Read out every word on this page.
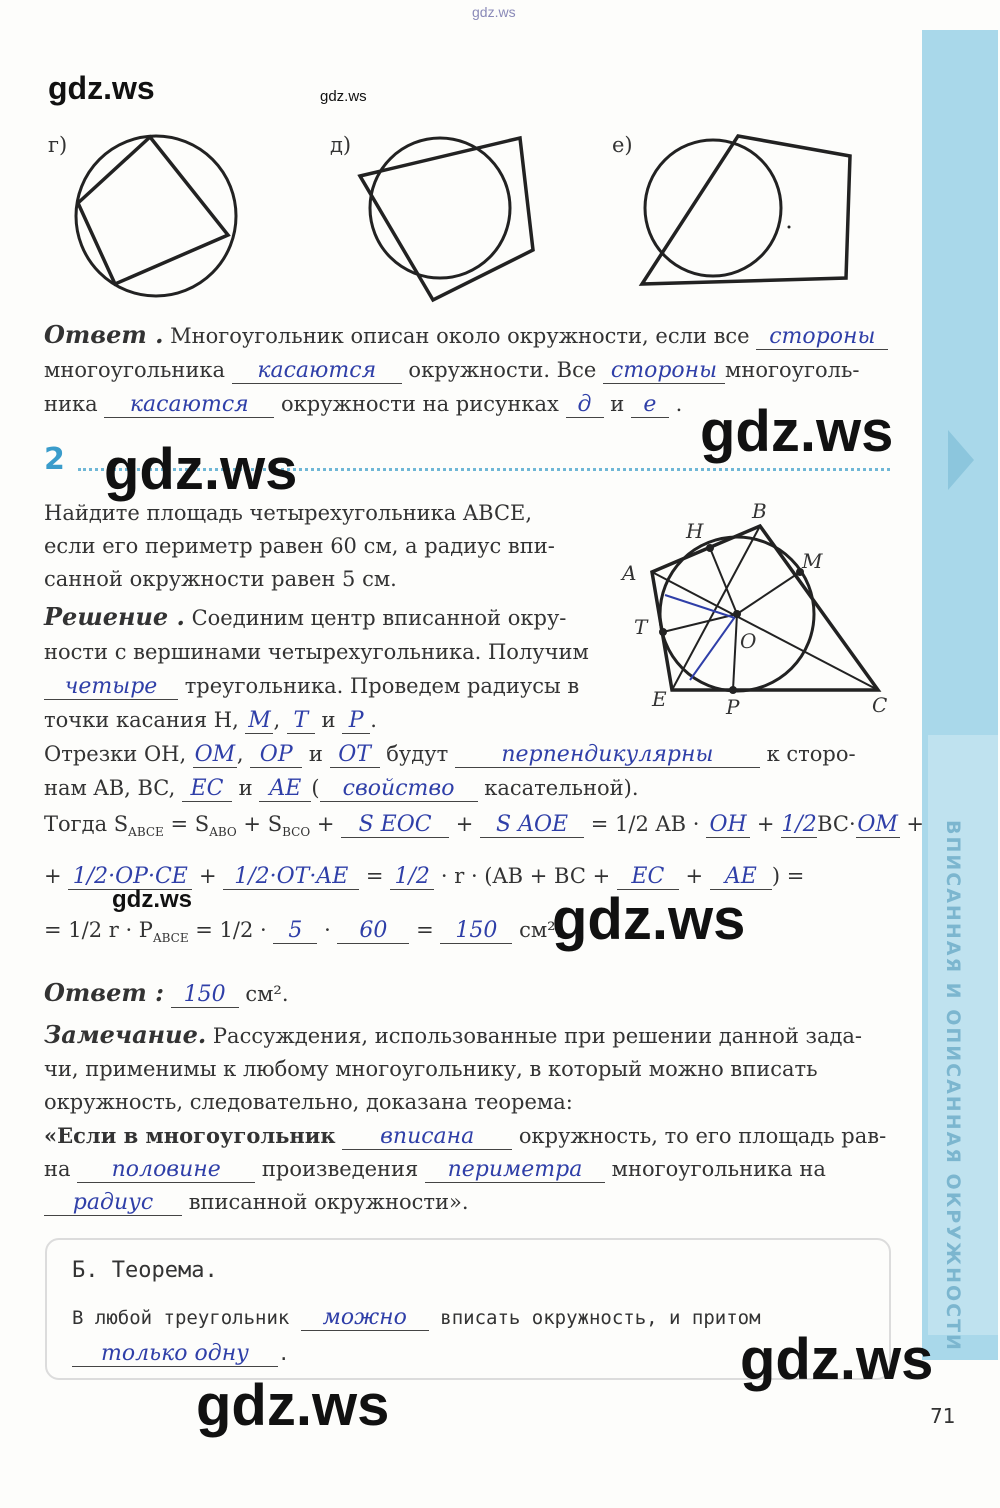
ВПИСАННАЯ И ОПИСАННАЯ ОКРУЖНОСТИ
gdz.ws
gdz.ws	gdz.ws
г)	д)	е)
Ответ . Многоугольник описан около окружности, если все стороны
многоугольника касаются окружности. Все стороны многоуголь-
ника касаются окружности на рисунках д и е . gdz.ws
2 gdz.ws
Найдите площадь четырехугольника ABCE,
если его периметр равен 60 см, а радиус впи-
санной окружности равен 5 см.	A
B
C
E
H
M
T
P
O
Решение . Соединим центр вписанной окру-
ности с вершинами четырехугольника. Получим
четыре треугольника. Проведем радиусы в
точки касания H, M , T и P .
Отрезки OH, OM, OP и OT будут перпендикулярны	к сторо-
нам AB, BC, EC и AE ( свойство касательной).
Тогда $S_{ABCE} = S_{ABO} + S_{BCO} + S$ EOC + S AOE = 1/2 AB · OH + 1/2BC·OM +
+ 1/2·OP·CE + 1/2·OT·AE = 1/2 · r · (AB + BC + EC + AE ) =
gdz.ws
= 1/2 $r \cdot P_{ABCE} = 1/2 \cdot 5 \cdot 60 = 150$ см².
gdz.ws
Ответ : 150 см².
Замечание. Рассуждения, использованные при решении данной зада-
чи, применимы к любому многоугольнику, в который можно вписать
окружность, следовательно, доказана теорема:
«Если в многоугольник вписана окружность, то его площадь рав-
на половине произведения периметра многоугольника на
радиус вписанной окружности».
Б. Теорема.
В любой треугольник можно вписать окружность, и притом
только одну .	gdz.ws
gdz.ws	71
